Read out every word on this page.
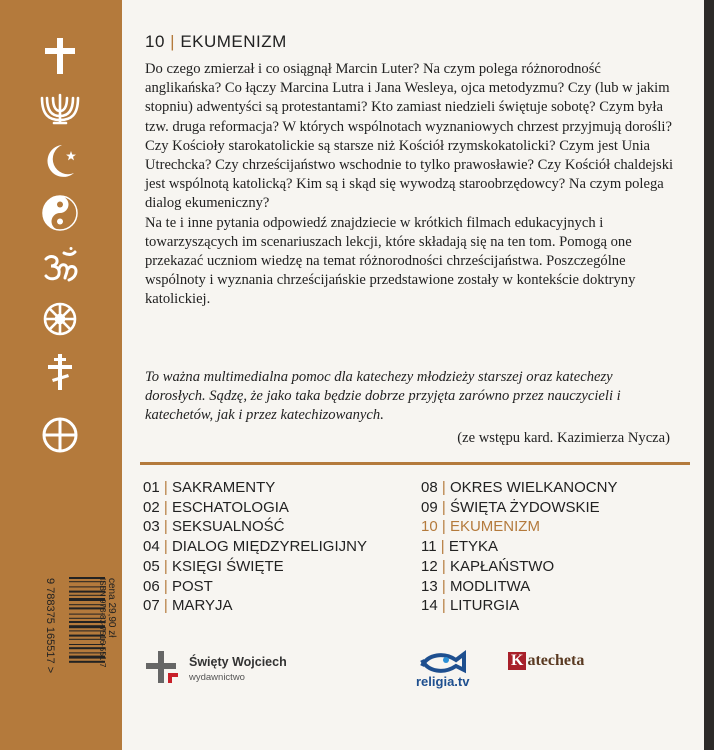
10 | EKUMENIZM

Do czego zmierzał i co osiągnął Marcin Luter? Na czym polega różnorodność anglikańska? Co łączy Marcina Lutra i Jana Wesleya, ojca metodyzmu? Czy (lub w jakim stopniu) adwentyści są protestantami? Kto zamiast niedzieli świętuje sobotę? Czym była tzw. druga reformacja? W których wspólnotach wyznaniowych chrzest przyjmują dorośli? Czy Kościoły starokatolickie są starsze niż Kościół rzymskokatolicki? Czym jest Unia Utrechcka? Czy chrześcijaństwo wschodnie to tylko prawosławie? Czy Kościół chaldejski jest wspólnotą katolicką? Kim są i skąd się wywodzą staroobrzędowcy? Na czym polega dialog ekumeniczny?

Na te i inne pytania odpowiedź znajdziecie w krótkich filmach edukacyjnych i towarzyszących im scenariuszach lekcji, które składają się na ten tom. Pomogą one przekazać uczniom wiedzę na temat różnorodności chrześcijaństwa. Poszczególne wspólnoty i wyznania chrześcijańskie przedstawione zostały w kontekście doktryny katolickiej.

To ważna multimedialna pomoc dla katechezy młodzieży starszej oraz katechezy dorosłych. Sądzę, że jako taka będzie dobrze przyjęta zarówno przez nauczycieli i katechetów, jak i przez katechizowanych.
(ze wstępu kard. Kazimierza Nycza)
01 | SAKRAMENTY
02 | ESCHATOLOGIA
03 | SEKSUALNOŚĆ
04 | DIALOG MIĘDZYRELIGIJNY
05 | KSIĘGI ŚWIĘTE
06 | POST
07 | MARYJA
08 | OKRES WIELKANOCNY
09 | ŚWIĘTA ŻYDOWSKIE
10 | EKUMENIZM
11 | ETYKA
12 | KAPŁAŃSTWO
13 | MODLITWA
14 | LITURGIA
cena 29,90 zł
ISBN 978-83-7516-551-7
9 788375 165517 >	Święty Wojciech
wydawnictwo	religia.tv
K atecheta
